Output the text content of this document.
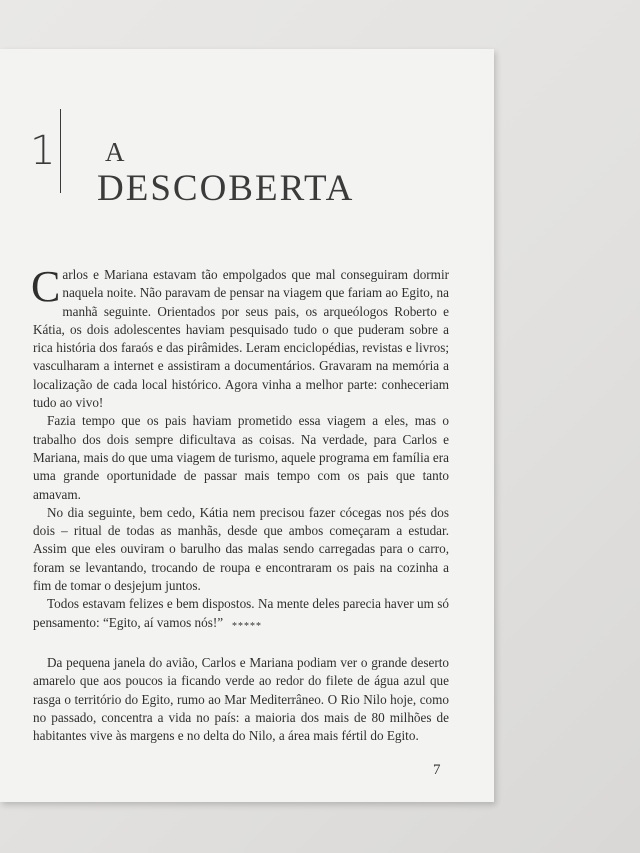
1 A
DESCOBERTA

Carlos e Mariana estavam tão empolgados que mal conseguiram dormir naquela noite. Não paravam de pensar na viagem que fariam ao Egito, na manhã seguinte. Orientados por seus pais, os arqueólogos Roberto e Kátia, os dois adolescentes haviam pesquisado tudo o que puderam sobre a rica história dos faraós e das pirâmides. Leram enciclopédias, revistas e livros; vasculharam a internet e assistiram a documentários. Gravaram na memória a localização de cada local histórico. Agora vinha a melhor parte: conheceriam tudo ao vivo!

Fazia tempo que os pais haviam prometido essa viagem a eles, mas o trabalho dos dois sempre dificultava as coisas. Na verdade, para Carlos e Mariana, mais do que uma viagem de turismo, aquele programa em família era uma grande oportunidade de passar mais tempo com os pais que tanto amavam.

No dia seguinte, bem cedo, Kátia nem precisou fazer cócegas nos pés dos dois – ritual de todas as manhãs, desde que ambos começaram a estudar. Assim que eles ouviram o barulho das malas sendo carregadas para o carro, foram se levantando, trocando de roupa e encontraram os pais na cozinha a fim de tomar o desjejum juntos.

Todos estavam felizes e bem dispostos. Na mente deles parecia haver um só pensamento: “Egito, aí vamos nós!” *****

Da pequena janela do avião, Carlos e Mariana podiam ver o grande deserto amarelo que aos poucos ia ficando verde ao redor do filete de água azul que rasga o território do Egito, rumo ao Mar Mediterrâneo. O Rio Nilo hoje, como no passado, concentra a vida no país: a maioria dos mais de 80 milhões de habitantes vive às margens e no delta do Nilo, a área mais fértil do Egito.

7
